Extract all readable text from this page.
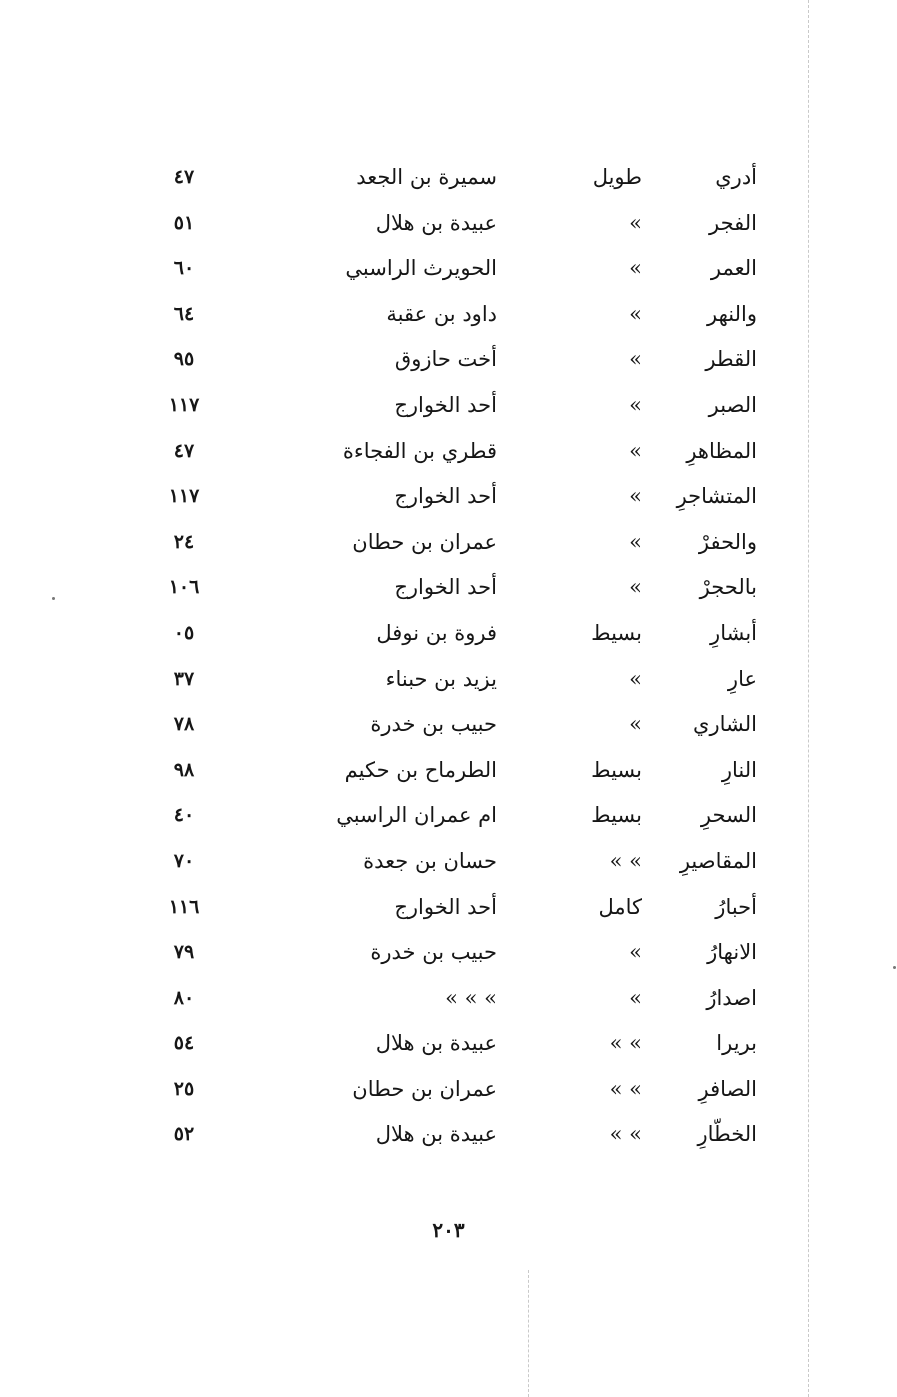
أدري
طويل
سميرة بن الجعد
٤٧
الفجر
»
عبيدة بن هلال
٥١
العمر
»
الحويرث الراسبي
٦٠
والنهر
»
داود بن عقبة
٦٤
القطر
»
أخت حازوق
٩٥
الصبر
»
أحد الخوارج
١١٧
المظاهرِ
»
قطري بن الفجاءة
٤٧
المتشاجرِ
»
أحد الخوارج
١١٧
والحفرْ
»
عمران بن حطان
٢٤
بالحجرْ
»
أحد الخوارج
١٠٦
أبشارِ
بسيط
فروة بن نوفل
٠٥
عارِ
»
يزيد بن حبناء
٣٧
الشاري
»
حبيب بن خدرة
٧٨
النارِ
بسيط
الطرماح بن حكيم
٩٨
السحرِ
بسيط
ام عمران الراسبي
٤٠
المقاصيرِ
» »
حسان بن جعدة
٧٠
أحبارُ
كامل
أحد الخوارج
١١٦
الانهارُ
»
حبيب بن خدرة
٧٩
اصدارُ
»
» » »
٨٠
بريرا
» »
عبيدة بن هلال
٥٤
الصافرِ
» »
عمران بن حطان
٢٥
الخطّارِ
» »
عبيدة بن هلال
٥٢
٢٠٣
